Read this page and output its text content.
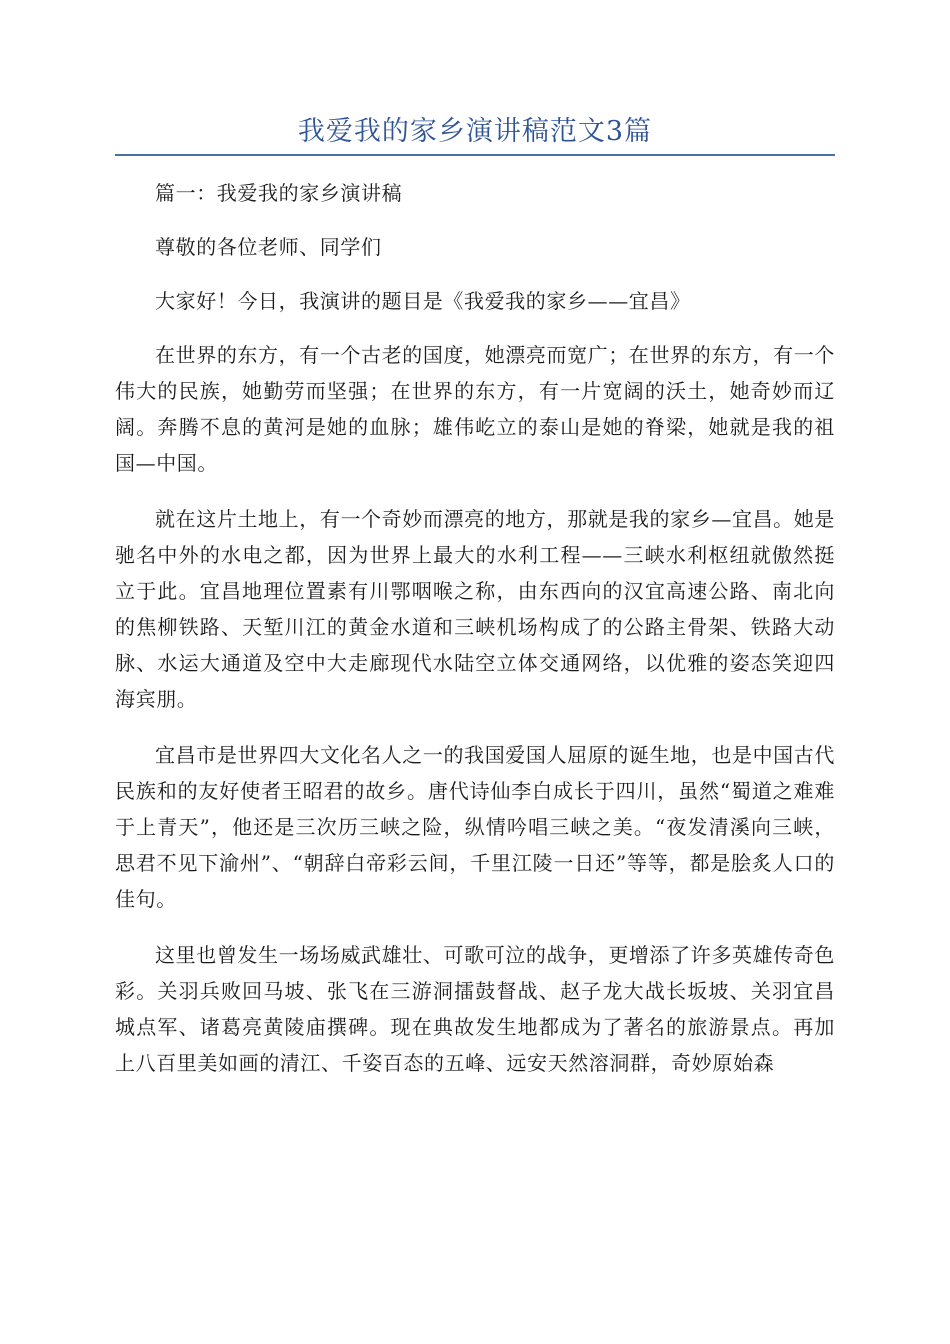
我爱我的家乡演讲稿范文3篇

篇一：我爱我的家乡演讲稿

尊敬的各位老师、同学们

大家好！今日，我演讲的题目是《我爱我的家乡——宜昌》

在世界的东方，有一个古老的国度，她漂亮而宽广；在世界的东方，有一个伟大的民族，她勤劳而坚强；在世界的东方，有一片宽阔的沃土，她奇妙而辽阔。奔腾不息的黄河是她的血脉；雄伟屹立的泰山是她的脊梁，她就是我的祖国—中国。

就在这片土地上，有一个奇妙而漂亮的地方，那就是我的家乡—宜昌。她是驰名中外的水电之都，因为世界上最大的水利工程——三峡水利枢纽就傲然挺立于此。宜昌地理位置素有川鄂咽喉之称，由东西向的汉宜高速公路、南北向的焦柳铁路、天堑川江的黄金水道和三峡机场构成了的公路主骨架、铁路大动脉、水运大通道及空中大走廊现代水陆空立体交通网络，以优雅的姿态笑迎四海宾朋。

宜昌市是世界四大文化名人之一的我国爱国人屈原的诞生地，也是中国古代民族和的友好使者王昭君的故乡。唐代诗仙李白成长于四川，虽然“蜀道之难难于上青天”，他还是三次历三峡之险，纵情吟唱三峡之美。“夜发清溪向三峡，思君不见下渝州”、“朝辞白帝彩云间，千里江陵一日还”等等，都是脍炙人口的佳句。

这里也曾发生一场场威武雄壮、可歌可泣的战争，更增添了许多英雄传奇色彩。关羽兵败回马坡、张飞在三游洞擂鼓督战、赵子龙大战长坂坡、关羽宜昌城点军、诸葛亮黄陵庙撰碑。现在典故发生地都成为了著名的旅游景点。再加上八百里美如画的清江、千姿百态的五峰、远安天然溶洞群，奇妙原始森
